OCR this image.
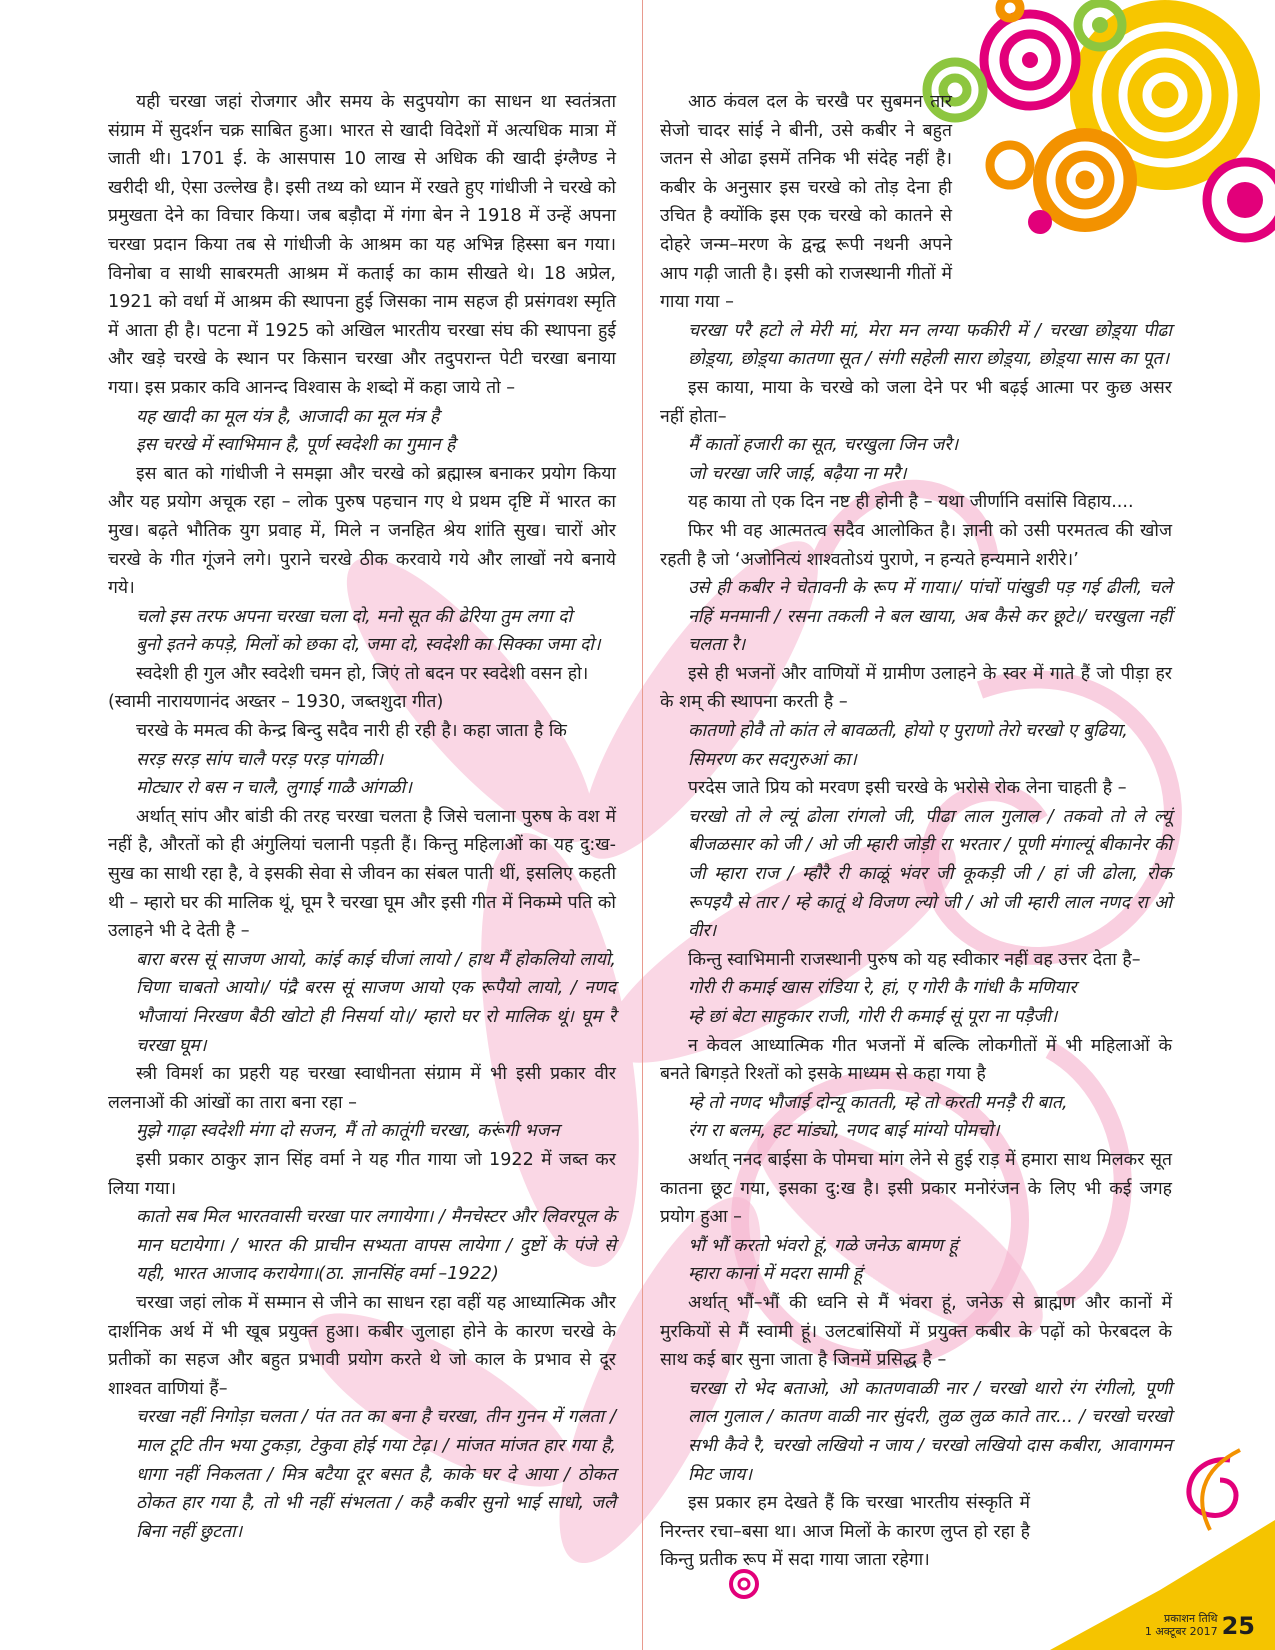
यही चरखा जहां रोजगार और समय के सदुपयोग का साधन था स्वतंत्रता संग्राम में सुदर्शन चक्र साबित हुआ। भारत से खादी विदेशों में अत्यधिक मात्रा में जाती थी। 1701 ई. के आसपास 10 लाख से अधिक की खादी इंग्लैण्ड ने खरीदी थी, ऐसा उल्लेख है। इसी तथ्य को ध्यान में रखते हुए गांधीजी ने चरखे को प्रमुखता देने का विचार किया। जब बड़ौदा में गंगा बेन ने 1918 में उन्हें अपना चरखा प्रदान किया तब से गांधीजी के आश्रम का यह अभिन्न हिस्सा बन गया। विनोबा व साथी साबरमती आश्रम में कताई का काम सीखते थे। 18 अप्रेल, 1921 को वर्धा में आश्रम की स्थापना हुई जिसका नाम सहज ही प्रसंगवश स्मृति में आता ही है। पटना में 1925 को अखिल भारतीय चरखा संघ की स्थापना हुई और खड़े चरखे के स्थान पर किसान चरखा और तदुपरान्त पेटी चरखा बनाया गया। इस प्रकार कवि आनन्द विश्वास के शब्दो में कहा जाये तो –

यह खादी का मूल यंत्र है, आजादी का मूल मंत्र है

इस चरखे में स्वाभिमान है, पूर्ण स्वदेशी का गुमान है

इस बात को गांधीजी ने समझा और चरखे को ब्रह्मास्त्र बनाकर प्रयोग किया और यह प्रयोग अचूक रहा – लोक पुरुष पहचान गए थे प्रथम दृष्टि में भारत का मुख। बढ़ते भौतिक युग प्रवाह में, मिले न जनहित श्रेय शांति सुख। चारों ओर चरखे के गीत गूंजने लगे। पुराने चरखे ठीक करवाये गये और लाखों नये बनाये गये।

चलो इस तरफ अपना चरखा चला दो, मनो सूत की ढेरिया तुम लगा दो

बुनो इतने कपड़े, मिलों को छका दो, जमा दो, स्वदेशी का सिक्का जमा दो।

स्वदेशी ही गुल और स्वदेशी चमन हो, जिएं तो बदन पर स्वदेशी वसन हो।

(स्वामी नारायणानंद अख्तर – 1930, जब्तशुदा गीत)

चरखे के ममत्व की केन्द्र बिन्दु सदैव नारी ही रही है। कहा जाता है कि

सरड़ सरड़ सांप चालै परड़ परड़ पांगळी।

मोट्यार रो बस न चालै, लुगाई गाळै आंगळी।

अर्थात् सांप और बांडी की तरह चरखा चलता है जिसे चलाना पुरुष के वश में नहीं है, औरतों को ही अंगुलियां चलानी पड़ती हैं। किन्तु महिलाओं का यह दु:ख-सुख का साथी रहा है, वे इसकी सेवा से जीवन का संबल पाती थीं, इसलिए कहती थी – म्हारो घर की मालिक थूं, घूम रै चरखा घूम और इसी गीत में निकम्मे पति को उलाहने भी दे देती है –

बारा बरस सूं साजण आयो, कांई काई चीजां लायो / हाथ मैं होकलियो लायो, चिणा चाबतो आयो।/ पंद्रै बरस सूं साजण आयो एक रूपैयो लायो, / नणद भौजायां निरखण बैठी खोटो ही निसर्या यो।/ म्हारो घर रो मालिक थूं। घूम रै चरखा घूम।

स्त्री विमर्श का प्रहरी यह चरखा स्वाधीनता संग्राम में भी इसी प्रकार वीर ललनाओं की आंखों का तारा बना रहा –

मुझे गाढ़ा स्वदेशी मंगा दो सजन, मैं तो कातूंगी चरखा, करूंगी भजन

इसी प्रकार ठाकुर ज्ञान सिंह वर्मा ने यह गीत गाया जो 1922 में जब्त कर लिया गया।

कातो सब मिल भारतवासी चरखा पार लगायेगा। / मैनचेस्टर और लिवरपूल के मान घटायेगा। / भारत की प्राचीन सभ्यता वापस लायेगा / दुष्टों के पंजे से यही, भारत आजाद करायेगा।(ठा. ज्ञानसिंह वर्मा –1922)

चरखा जहां लोक में सम्मान से जीने का साधन रहा वहीं यह आध्यात्मिक और दार्शनिक अर्थ में भी खूब प्रयुक्त हुआ। कबीर जुलाहा होने के कारण चरखे के प्रतीकों का सहज और बहुत प्रभावी प्रयोग करते थे जो काल के प्रभाव से दूर शाश्वत वाणियां हैं–

चरखा नहीं निगोड़ा चलता / पंत तत का बना है चरखा, तीन गुनन में गलता / माल टूटि तीन भया टुकड़ा, टेकुवा होई गया टेढ़। / मांजत मांजत हार गया है, धागा नहीं निकलता / मित्र बटैया दूर बसत है, काके घर दे आया / ठोकत ठोकत हार गया है, तो भी नहीं संभलता / कहै कबीर सुनो भाई साधो, जलै बिना नहीं छुटता।

आठ कंवल दल के चरखै पर सुबमन तार सेजो चादर सांई ने बीनी, उसे कबीर ने बहुत जतन से ओढा इसमें तनिक भी संदेह नहीं है। कबीर के अनुसार इस चरखे को तोड़ देना ही उचित है क्योंकि इस एक चरखे को कातने से दोहरे जन्म–मरण के द्वन्द्व रूपी नथनी अपने आप गढ़ी जाती है। इसी को राजस्थानी गीतों में गाया गया –

चरखा परै हटो ले मेरी मां, मेरा मन लग्या फकीरी में / चरखा छोड़्या पीढा छोड़्या, छोड़्या कातणा सूत / संगी सहेली सारा छोड़्या, छोड़्या सास का पूत।

इस काया, माया के चरखे को जला देने पर भी बढ़ई आत्मा पर कुछ असर नहीं होता–

मैं कातों हजारी का सूत, चरखुला जिन जरै।

जो चरखा जरि जाई, बढ़ैया ना मरै।

यह काया तो एक दिन नष्ट ही होनी है – यथा जीर्णानि वसांसि विहाय....

फिर भी वह आत्मतत्व सदैव आलोकित है। ज्ञानी को उसी परमतत्व की खोज रहती है जो ‘अजोनित्यं शाश्वतोऽयं पुराणे, न हन्यते हन्यमाने शरीरे।’

उसे ही कबीर ने चेतावनी के रूप में गाया।/ पांचों पांखुडी पड़ गई ढीली, चले नहिं मनमानी / रसना तकली ने बल खाया, अब कैसे कर छूटे।/ चरखुला नहीं चलता रै।

इसे ही भजनों और वाणियों में ग्रामीण उलाहने के स्वर में गाते हैं जो पीड़ा हर के शम् की स्थापना करती है –

कातणो होवै तो कांत ले बावळती, होयो ए पुराणो तेरो चरखो ए बुढिया,

सिमरण कर सदगुरुआं का।

परदेस जाते प्रिय को मरवण इसी चरखे के भरोसे रोक लेना चाहती है –

चरखो तो ले ल्यूं ढोला रांगलो जी, पीढा लाल गुलाल / तकवो तो ले ल्यूं बीजळसार को जी / ओ जी म्हारी जोड़ी रा भरतार / पूणी मंगाल्यूं बीकानेर की जी म्हारा राज / म्हौरै री काळूं भंवर जी कूकड़ी जी / हां जी ढोला, रोक रूपइयै से तार / म्हे कातूं थे विजण ल्यो जी / ओ जी म्हारी लाल नणद रा ओ वीर।

किन्तु स्वाभिमानी राजस्थानी पुरुष को यह स्वीकार नहीं वह उत्तर देता है–

गोरी री कमाई खास रांडिया रे, हां, ए गोरी कै गांधी कै मणियार

म्हे छां बेटा साहुकार राजी, गोरी री कमाई सूं पूरा ना पड़ैजी।

न केवल आध्यात्मिक गीत भजनों में बल्कि लोकगीतों में भी महिलाओं के बनते बिगड़ते रिश्तों को इसके माध्यम से कहा गया है

म्हे तो नणद भौजाई दोन्यू कातती, म्हे तो करती मनड़ै री बात,

रंग रा बलम, हट मांड्यो, नणद बाई मांग्यो पोमचो।

अर्थात् ननद बाईसा के पोमचा मांग लेने से हुई राड़ में हमारा साथ मिलकर सूत कातना छूट गया, इसका दु:ख है। इसी प्रकार मनोरंजन के लिए भी कई जगह प्रयोग हुआ –

भौं भौं करतो भंवरो हूं, गळे जनेऊ बामण हूं

म्हारा कानां में मदरा सामी हूं

अर्थात् भौं–भौं की ध्वनि से मैं भंवरा हूं, जनेऊ से ब्राह्मण और कानों में मुरकियों से मैं स्वामी हूं। उलटबांसियों में प्रयुक्त कबीर के पढ़ों को फेरबदल के साथ कई बार सुना जाता है जिनमें प्रसिद्ध है –

चरखा रो भेद बताओ, ओ कातणवाळी नार / चरखो थारो रंग रंगीलो, पूणी लाल गुलाल / कातण वाळी नार सुंदरी, लुळ लुळ काते तार... / चरखो चरखो सभी कैवे रै, चरखो लखियो न जाय / चरखो लखियो दास कबीरा, आवागमन मिट जाय।

इस प्रकार हम देखते हैं कि चरखा भारतीय संस्कृति में निरन्तर रचा–बसा था। आज मिलों के कारण लुप्त हो रहा है किन्तु प्रतीक रूप में सदा गाया जाता रहेगा।

प्रकाशन तिथि
1 अक्टूबर 2017 25
